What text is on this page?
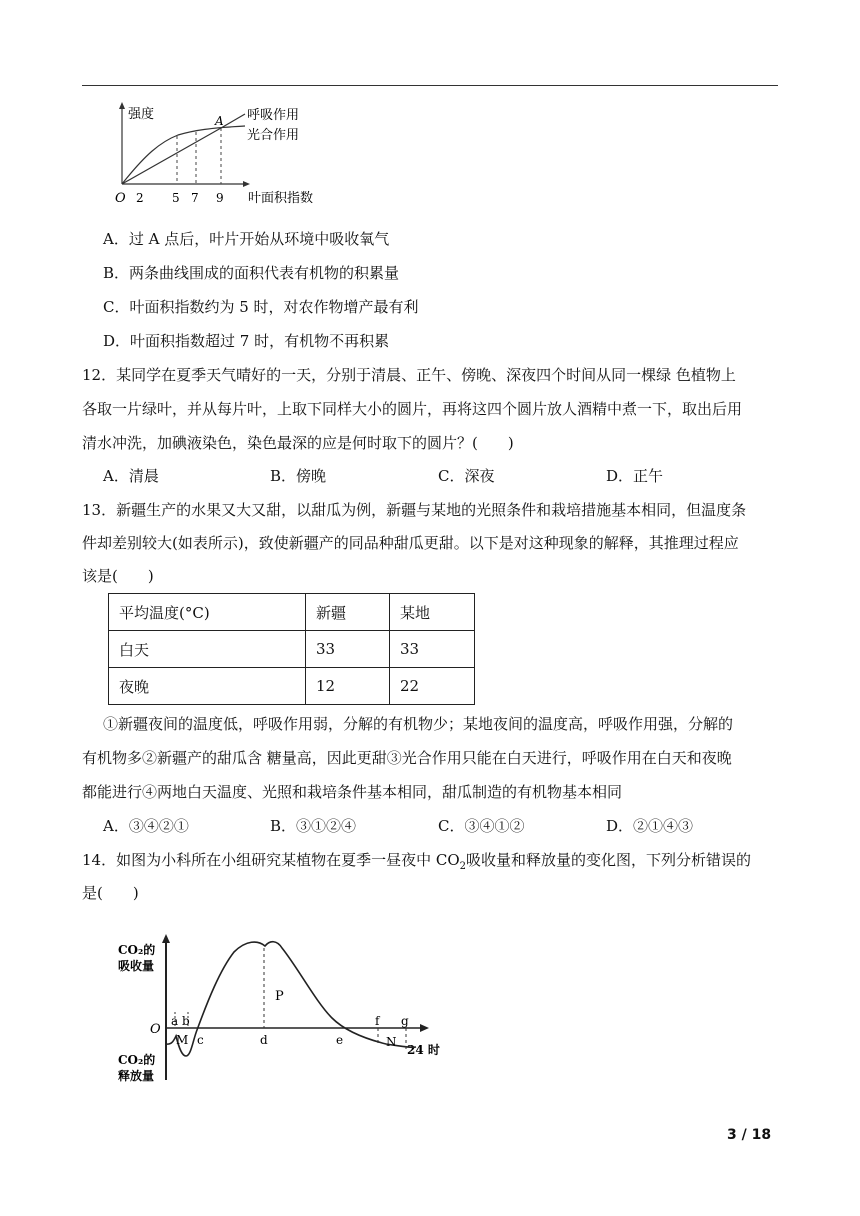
强度
叶面积指数
O 2 5 7 9
A 呼吸作用
光合作用
A．过 A 点后，叶片开始从环境中吸收氧气
B．两条曲线围成的面积代表有机物的积累量
C．叶面积指数约为 5 时，对农作物增产最有利
D．叶面积指数超过 7 时，有机物不再积累
12．某同学在夏季天气晴好的一天，分别于清晨、正午、傍晚、深夜四个时间从同一棵绿 色植物上
各取一片绿叶，并从每片叶，上取下同样大小的圆片，再将这四个圆片放人酒精中煮一下，取出后用
清水冲洗，加碘液染色，染色最深的应是何时取下的圆片？(　　)
A．清晨	B．傍晚	C．深夜	D．正午
13．新疆生产的水果又大又甜，以甜瓜为例，新疆与某地的光照条件和栽培措施基本相同，但温度条
件却差别较大(如表所示)，致使新疆产的同品种甜瓜更甜。以下是对这种现象的解释，其推理过程应
该是(　　)
平均温度(°C)	新疆	某地
白天	33	33
夜晚	12	22
①新疆夜间的温度低，呼吸作用弱，分解的有机物少；某地夜间的温度高，呼吸作用强，分解的
有机物多②新疆产的甜瓜含 糖量高，因此更甜③光合作用只能在白天进行，呼吸作用在白天和夜晚
都能进行④两地白天温度、光照和栽培条件基本相同，甜瓜制造的有机物基本相同
A．③④②①	B．③①②④	C．③④①②	D．②①④③
14．如图为小科所在小组研究某植物在夏季一昼夜中 $CO_2$吸收量和释放量的变化图，下列分析错误的
是(　　)
CO₂的
吸收量
CO₂的
释放量
O
24 时
a b
c	d	e
f g
M
P
N
3 / 18
